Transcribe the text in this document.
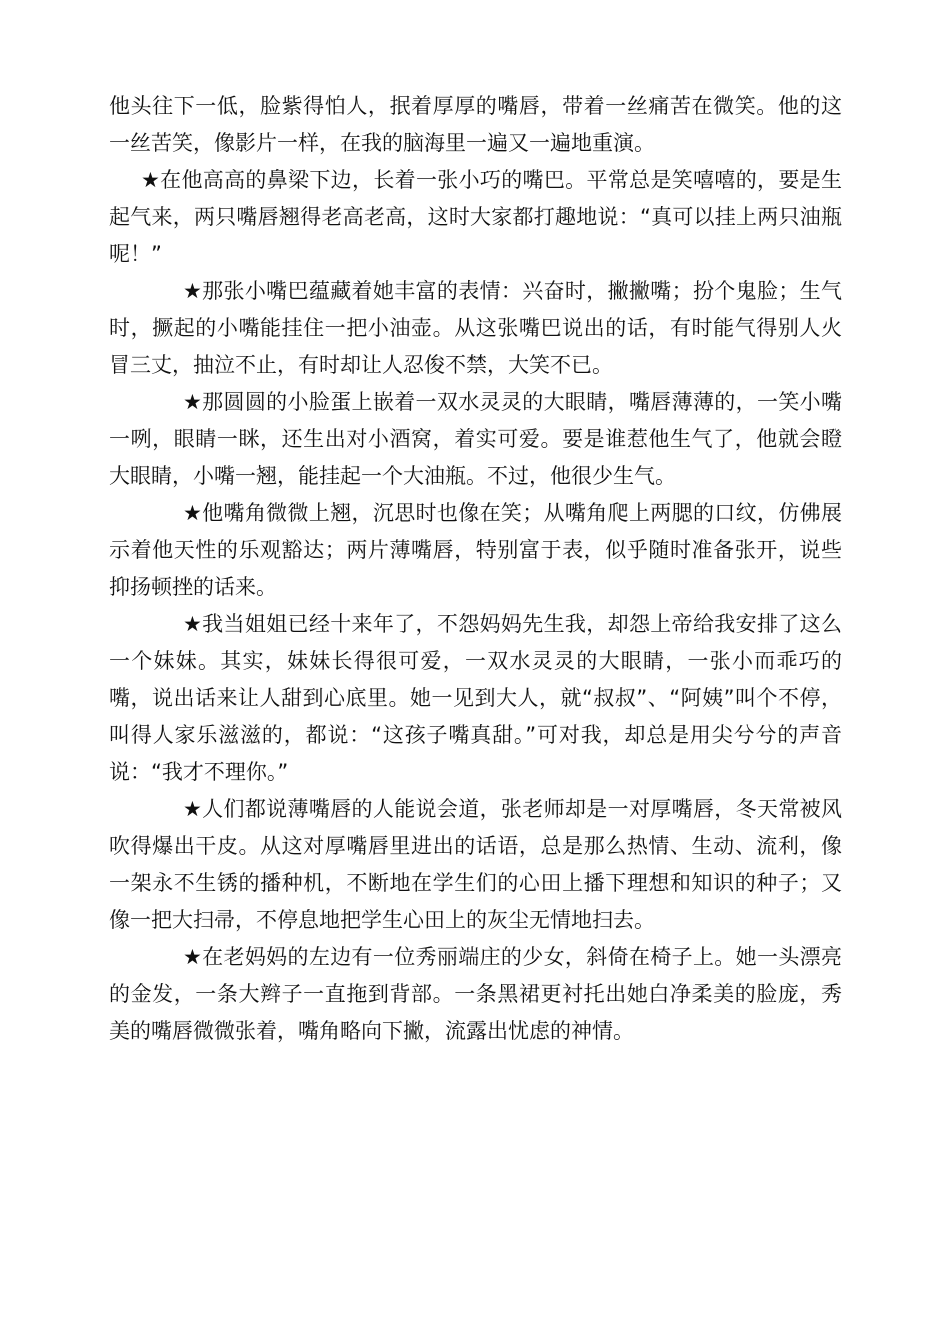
他头往下一低，脸紫得怕人，抿着厚厚的嘴唇，带着一丝痛苦在微笑。他的这一丝苦笑，像影片一样，在我的脑海里一遍又一遍地重演。

★在他高高的鼻梁下边，长着一张小巧的嘴巴。平常总是笑嘻嘻的，要是生起气来，两只嘴唇翘得老高老高，这时大家都打趣地说：“真可以挂上两只油瓶呢！”

★那张小嘴巴蕴藏着她丰富的表情：兴奋时，撇撇嘴；扮个鬼脸；生气时，撅起的小嘴能挂住一把小油壶。从这张嘴巴说出的话，有时能气得别人火冒三丈，抽泣不止，有时却让人忍俊不禁，大笑不已。

★那圆圆的小脸蛋上嵌着一双水灵灵的大眼睛，嘴唇薄薄的，一笑小嘴一咧，眼睛一眯，还生出对小酒窝，着实可爱。要是谁惹他生气了，他就会瞪大眼睛，小嘴一翘，能挂起一个大油瓶。不过，他很少生气。

★他嘴角微微上翘，沉思时也像在笑；从嘴角爬上两腮的口纹，仿佛展示着他天性的乐观豁达；两片薄嘴唇，特别富于表，似乎随时准备张开，说些抑扬顿挫的话来。

★我当姐姐已经十来年了，不怨妈妈先生我，却怨上帝给我安排了这么一个妹妹。其实，妹妹长得很可爱，一双水灵灵的大眼睛，一张小而乖巧的嘴，说出话来让人甜到心底里。她一见到大人，就“叔叔”、“阿姨”叫个不停，叫得人家乐滋滋的，都说：“这孩子嘴真甜。”可对我，却总是用尖兮兮的声音说：“我才不理你。”

★人们都说薄嘴唇的人能说会道，张老师却是一对厚嘴唇，冬天常被风吹得爆出干皮。从这对厚嘴唇里进出的话语，总是那么热情、生动、流利，像一架永不生锈的播种机，不断地在学生们的心田上播下理想和知识的种子；又像一把大扫帚，不停息地把学生心田上的灰尘无情地扫去。

★在老妈妈的左边有一位秀丽端庄的少女，斜倚在椅子上。她一头漂亮的金发，一条大辫子一直拖到背部。一条黑裙更衬托出她白净柔美的脸庞，秀美的嘴唇微微张着，嘴角略向下撇，流露出忧虑的神情。
